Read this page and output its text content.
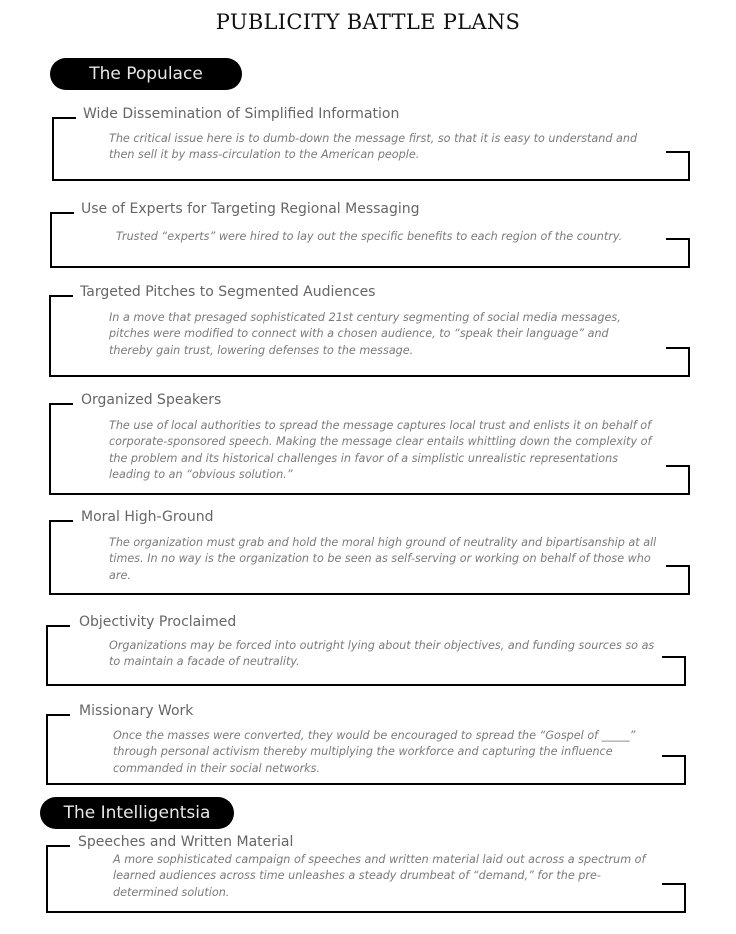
PUBLICITY BATTLE PLANS
The Populace
Wide Dissemination of Simplified Information
The critical issue here is to dumb-down the message first, so that it is easy to understand and then sell it by mass-circulation to the American people.
Use of Experts for Targeting Regional Messaging
Trusted “experts” were hired to lay out the specific benefits to each region of the country.
Targeted Pitches to Segmented Audiences
In a move that presaged sophisticated 21st century segmenting of social media messages, pitches were modified to connect with a chosen audience, to “speak their language” and thereby gain trust, lowering defenses to the message.
Organized Speakers
The use of local authorities to spread the message captures local trust and enlists it on behalf of corporate-sponsored speech. Making the message clear entails whittling down the complexity of the problem and its historical challenges in favor of a simplistic unrealistic representations leading to an “obvious solution.”
Moral High-Ground
The organization must grab and hold the moral high ground of neutrality and bipartisanship at all times. In no way is the organization to be seen as self-serving or working on behalf of those who are.
Objectivity Proclaimed
Organizations may be forced into outright lying about their objectives, and funding sources so as to maintain a facade of neutrality.
Missionary Work
Once the masses were converted, they would be encouraged to spread the “Gospel of _____” through personal activism thereby multiplying the workforce and capturing the influence commanded in their social networks.
The Intelligentsia
Speeches and Written Material
A more sophisticated campaign of speeches and written material laid out across a spectrum of learned audiences across time unleashes a steady drumbeat of “demand,” for the pre-determined solution.
